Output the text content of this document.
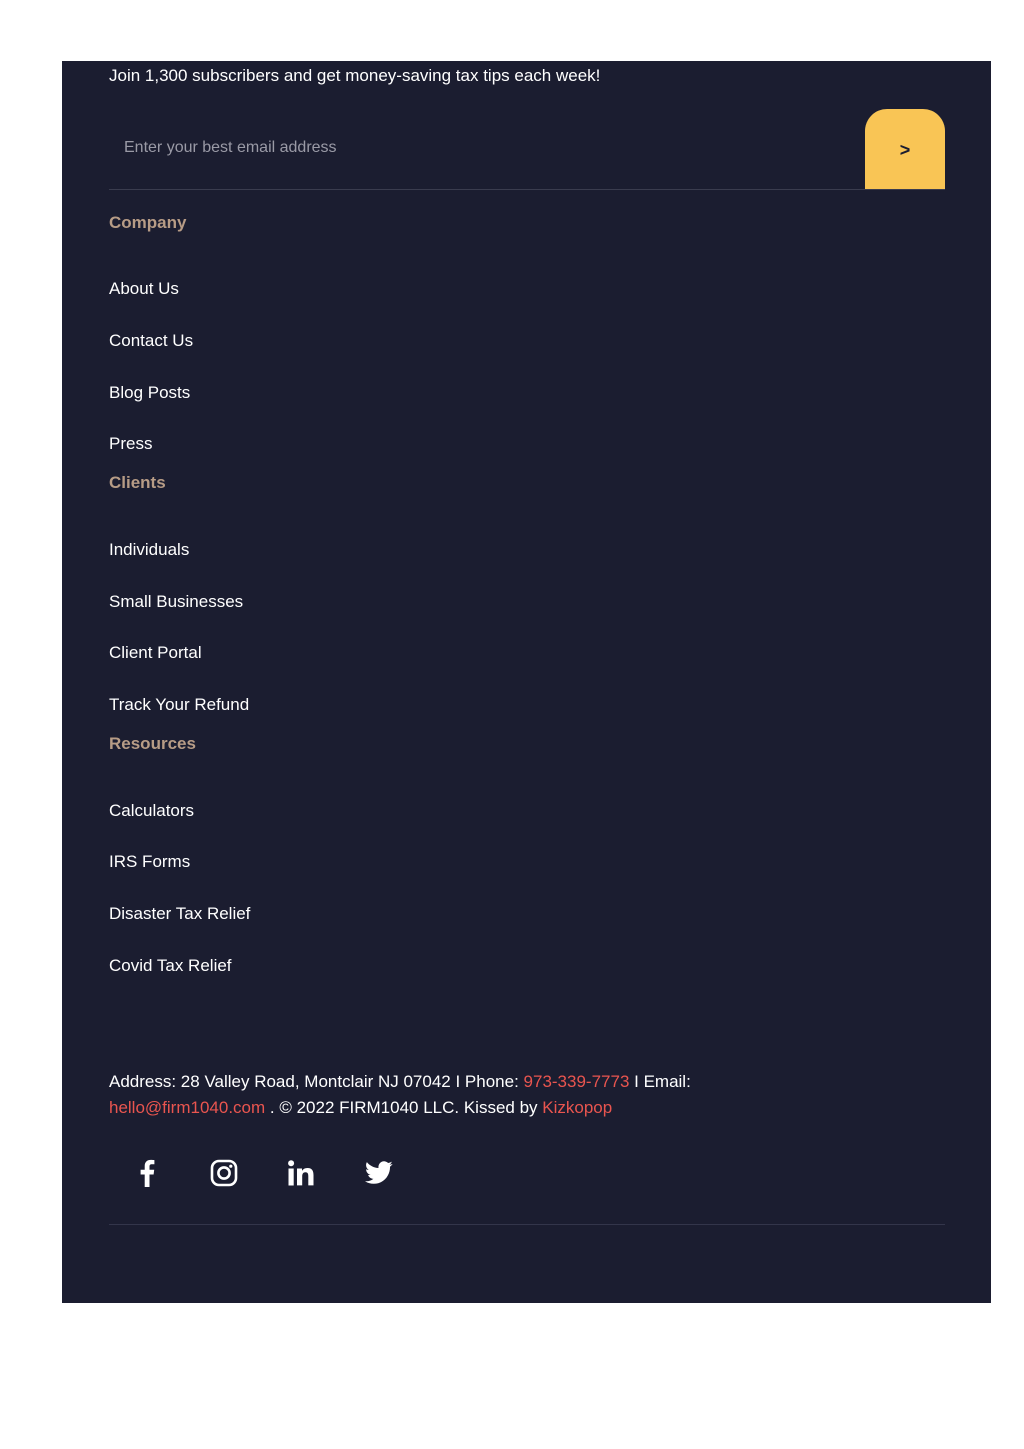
Join 1,300 subscribers and get money-saving tax tips each week!

Enter your best email address
>
Company
About Us
Contact Us
Blog Posts
Press
Clients
Individuals
Small Businesses
Client Portal
Track Your Refund
Resources
Calculators
IRS Forms
Disaster Tax Relief
Covid Tax Relief

Address: 28 Valley Road, Montclair NJ 07042 I Phone: 973-339-7773 I Email:
hello@firm1040.com . © 2022 FIRM1040 LLC. Kissed by Kizkopop
